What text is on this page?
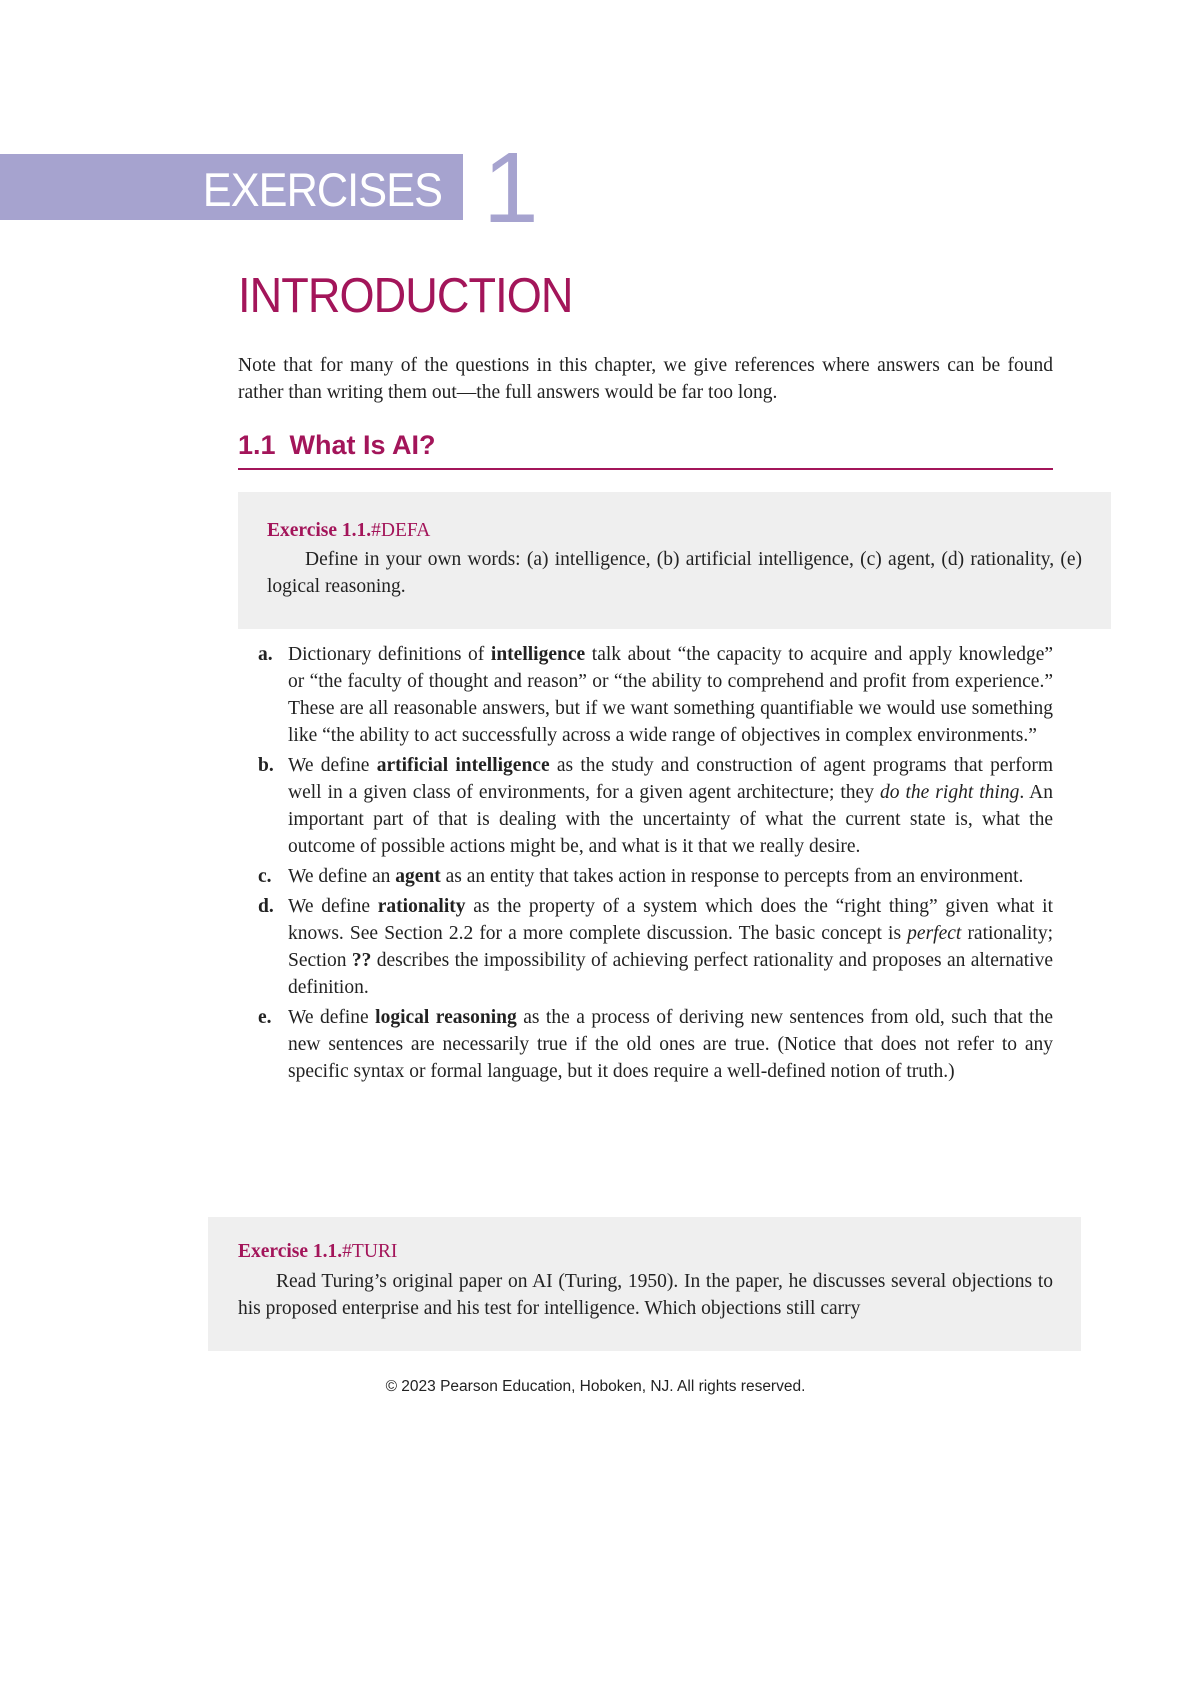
EXERCISES 1
INTRODUCTION
Note that for many of the questions in this chapter, we give references where answers can be found rather than writing them out—the full answers would be far too long.
1.1 What Is AI?
Exercise 1.1.#DEFA
Define in your own words: (a) intelligence, (b) artificial intelligence, (c) agent, (d) rationality, (e) logical reasoning.
a. Dictionary definitions of intelligence talk about “the capacity to acquire and apply knowledge” or “the faculty of thought and reason” or “the ability to comprehend and profit from experience.” These are all reasonable answers, but if we want something quantifiable we would use something like “the ability to act successfully across a wide range of objectives in complex environments.”
b. We define artificial intelligence as the study and construction of agent programs that perform well in a given class of environments, for a given agent architecture; they do the right thing. An important part of that is dealing with the uncertainty of what the current state is, what the outcome of possible actions might be, and what is it that we really desire.
c. We define an agent as an entity that takes action in response to percepts from an environment.
d. We define rationality as the property of a system which does the “right thing” given what it knows. See Section 2.2 for a more complete discussion. The basic concept is perfect rationality; Section ?? describes the impossibility of achieving perfect rationality and proposes an alternative definition.
e. We define logical reasoning as the a process of deriving new sentences from old, such that the new sentences are necessarily true if the old ones are true. (Notice that does not refer to any specific syntax or formal language, but it does require a well-defined notion of truth.)
Exercise 1.1.#TURI
Read Turing’s original paper on AI (Turing, 1950). In the paper, he discusses several objections to his proposed enterprise and his test for intelligence. Which objections still carry
© 2023 Pearson Education, Hoboken, NJ. All rights reserved.
